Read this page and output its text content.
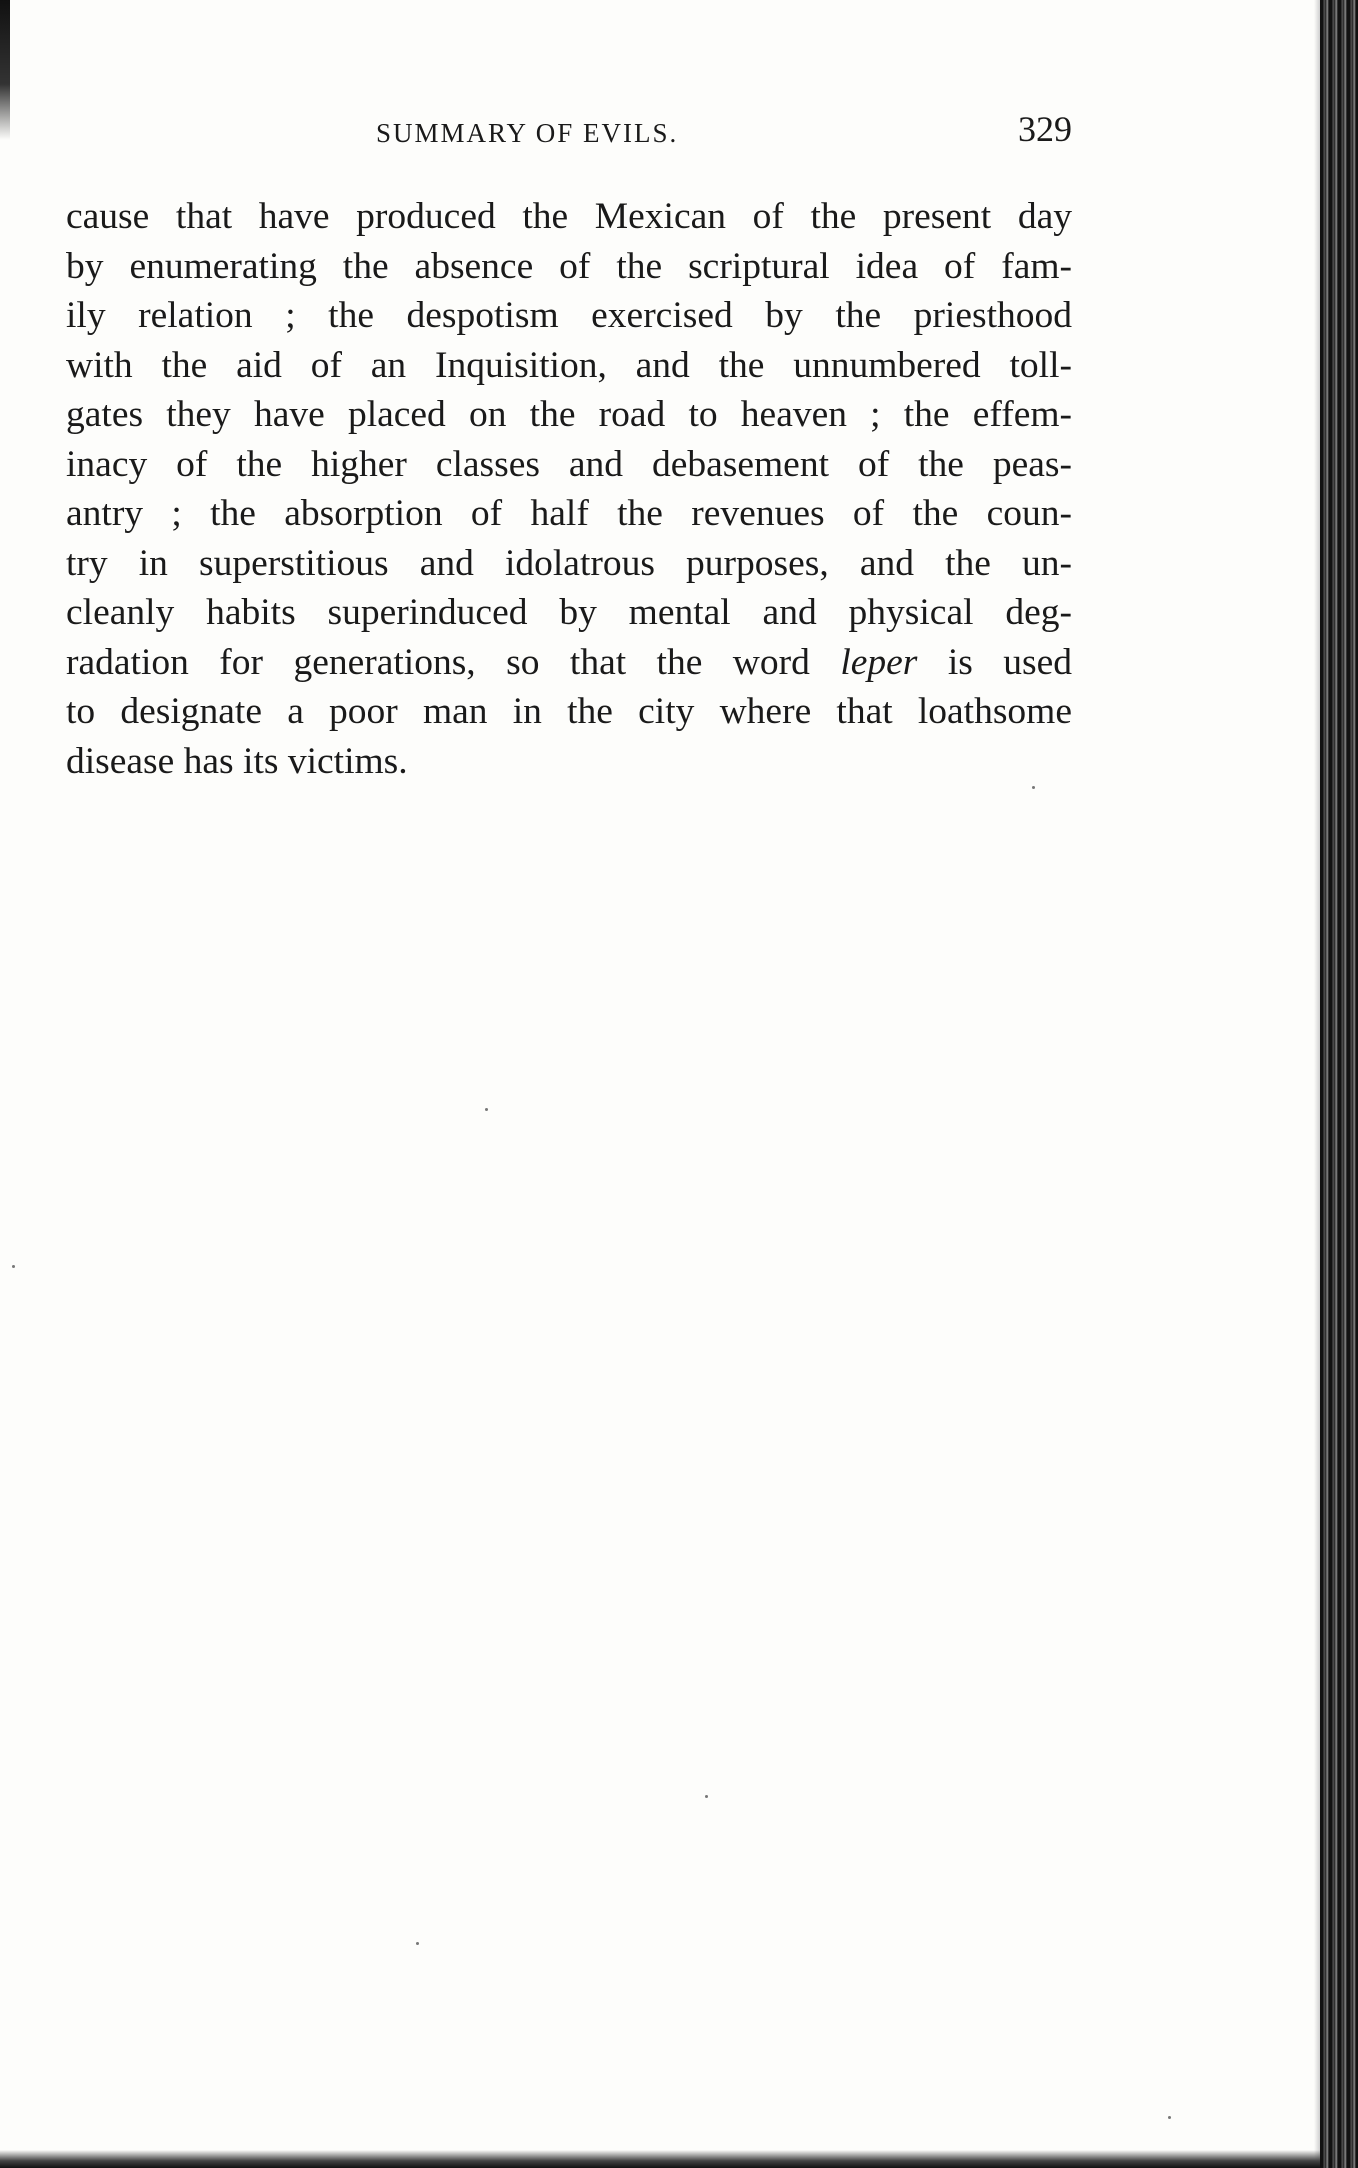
SUMMARY OF EVILS.	329
cause that have produced the Mexican of the present day
by enumerating the absence of the scriptural idea of fam-
ily relation ; the despotism exercised by the priesthood
with the aid of an Inquisition, and the unnumbered toll-
gates they have placed on the road to heaven ; the effem-
inacy of the higher classes and debasement of the peas-
antry ; the absorption of half the revenues of the coun-
try in superstitious and idolatrous purposes, and the un-
cleanly habits superinduced by mental and physical deg-
radation for generations, so that the word leper is used
to designate a poor man in the city where that loathsome
disease has its victims.
